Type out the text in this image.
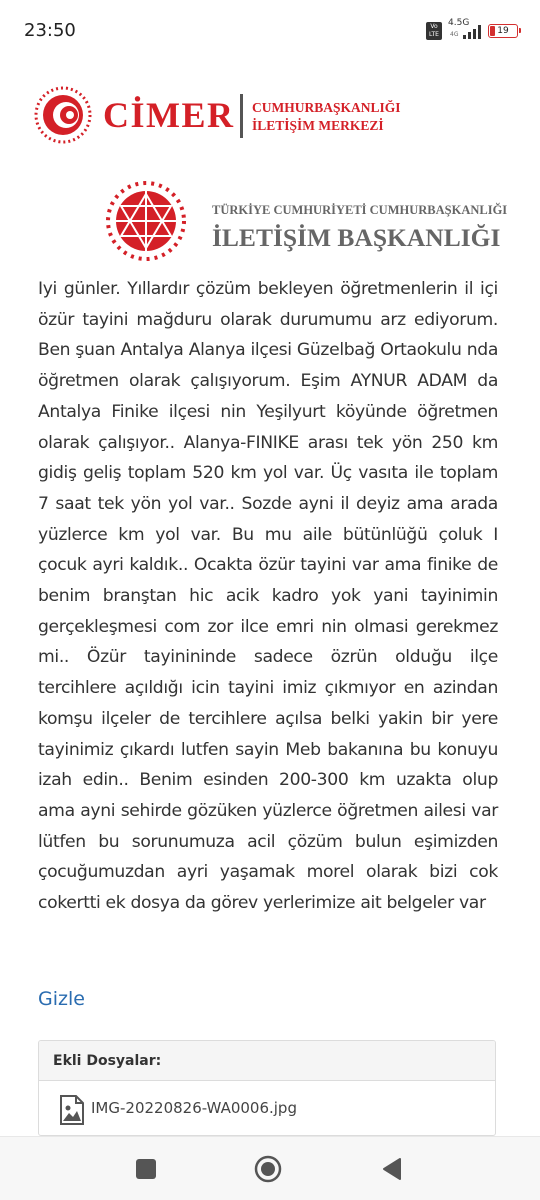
23:50	Vo
LTE
4.5G
4G	19
CİMER CUMHURBAŞKANLIĞI
İLETİŞİM MERKEZİ
TÜRKİYE CUMHURİYETİ CUMHURBAŞKANLIĞI
İLETİŞİM BAŞKANLIĞI
Iyi günler. Yıllardır çözüm bekleyen öğretmenlerin il içi özür tayini mağduru olarak durumumu arz ediyorum. Ben şuan Antalya Alanya ilçesi Güzelbağ Ortaokulu nda öğretmen olarak çalışıyorum. Eşim AYNUR ADAM da Antalya Finike ilçesi nin Yeşilyurt köyünde öğretmen olarak çalışıyor.. Alanya-FINIKE arası tek yön 250 km gidiş geliş toplam 520 km yol var. Üç vasıta ile toplam 7 saat tek yön yol var.. Sozde ayni il deyiz ama arada yüzlerce km yol var. Bu mu aile bütünlüğü çoluk I çocuk ayri kaldık.. Ocakta özür tayini var ama finike de benim branştan hic acik kadro yok yani tayinimin gerçekleşmesi com zor ilce emri nin olmasi gerekmez mi.. Özür tayinininde sadece özrün olduğu ilçe tercihlere açıldığı icin tayini imiz çıkmıyor en azindan komşu ilçeler de tercihlere açılsa belki yakin bir yere tayinimiz çıkardı lutfen sayin Meb bakanına bu konuyu izah edin.. Benim esinden 200-300 km uzakta olup ama ayni sehirde gözüken yüzlerce öğretmen ailesi var lütfen bu sorunumuza acil çözüm bulun eşimizden çocuğumuzdan ayri yaşamak morel olarak bizi cok cokertti ek dosya da görev yerlerimize ait belgeler var
Gizle
Ekli Dosyalar:
IMG-20220826-WA0006.jpg
